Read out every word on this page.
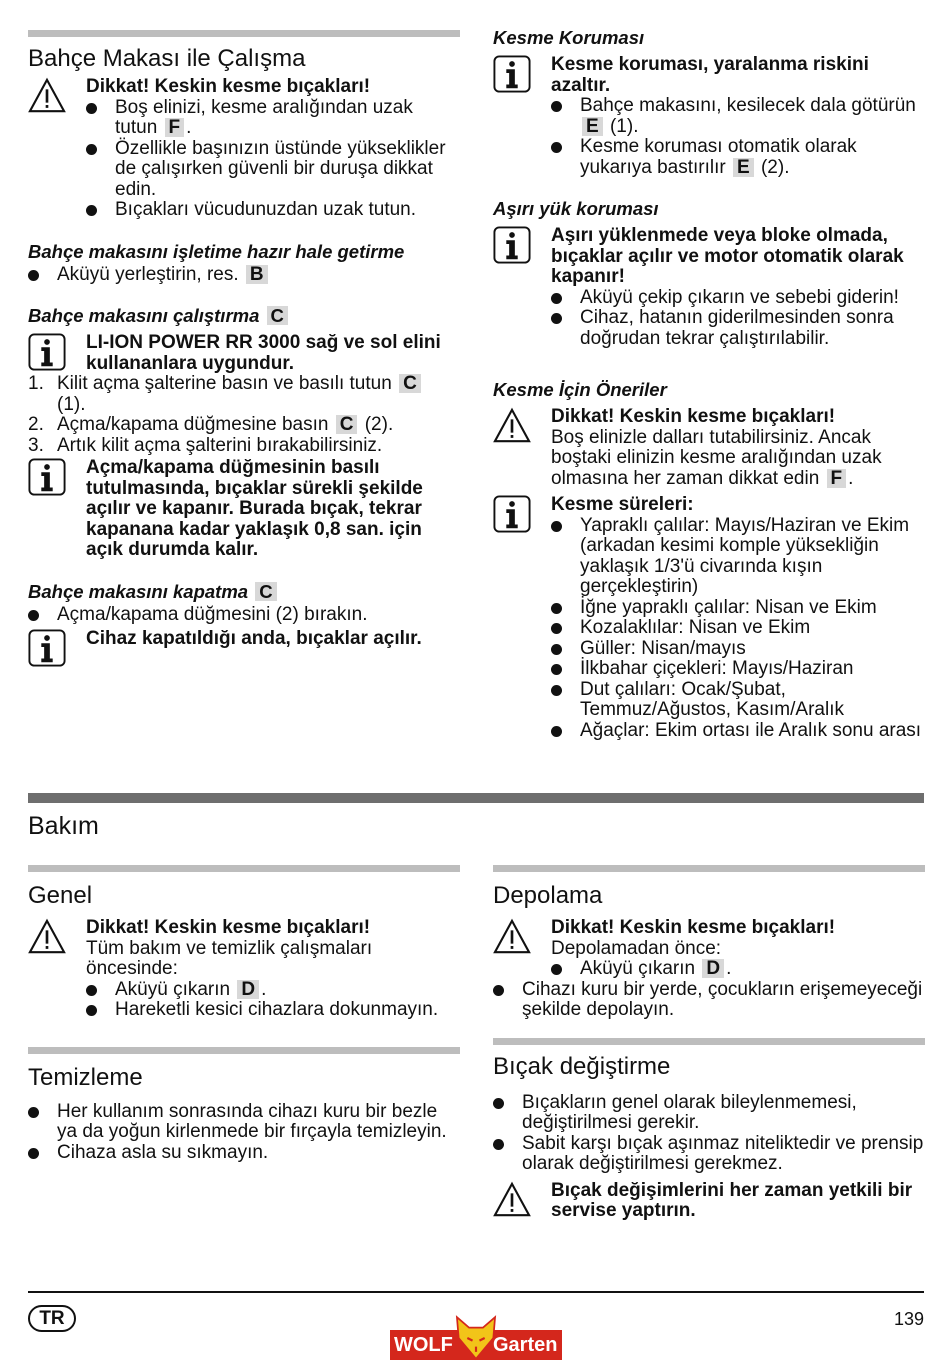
Bahçe Makası ile Çalışma
Dikkat! Keskin kesme bıçakları!
Boş elinizi, kesme aralığından uzak tutun F .
Özellikle başınızın üstünde yükseklikler de çalışırken güvenli bir duruşa dikkat edin.
Bıçakları vücudunuzdan uzak tutun.
Bahçe makasını işletime hazır hale getirme
Aküyü yerleştirin, res. B
Bahçe makasını çalıştırma C
LI-ION POWER RR 3000 sağ ve sol elini kullananlara uygundur.
1. Kilit açma şalterine basın ve basılı tutun C
(1).
2. Açma/kapama düğmesine basın C (2).
3. Artık kilit açma şalterini bırakabilirsiniz.
Açma/kapama düğmesinin basılı tutulmasında, bıçaklar sürekli şekilde açılır ve kapanır. Burada bıçak, tekrar kapanana kadar yaklaşık 0,8 san. için açık durumda kalır.
Bahçe makasını kapatma C
Açma/kapama düğmesini (2) bırakın.
Cihaz kapatıldığı anda, bıçaklar açılır.
Kesme Koruması
Kesme koruması, yaralanma riskini azaltır.
Bahçe makasını, kesilecek dala götürün E (1).
Kesme koruması otomatik olarak yukarıya bastırılır E (2).
Aşırı yük koruması
Aşırı yüklenmede veya bloke olmada, bıçaklar açılır ve motor otomatik olarak kapanır!
Aküyü çekip çıkarın ve sebebi giderin!
Cihaz, hatanın giderilmesinden sonra doğrudan tekrar çalıştırılabilir.
Kesme İçin Öneriler
Dikkat! Keskin kesme bıçakları!
Boş elinizle dalları tutabilirsiniz. Ancak boştaki elinizin kesme aralığından uzak olmasına her zaman dikkat edin F .
Kesme süreleri:
Yapraklı çalılar: Mayıs/Haziran ve Ekim (arkadan kesimi komple yüksekliğin yaklaşık 1/3'ü civarında kışın gerçekleştirin)
İğne yapraklı çalılar: Nisan ve Ekim
Kozalaklılar: Nisan ve Ekim
Güller: Nisan/mayıs
İlkbahar çiçekleri: Mayıs/Haziran
Dut çalıları: Ocak/Şubat, Temmuz/Ağustos, Kasım/Aralık
Ağaçlar: Ekim ortası ile Aralık sonu arası
Bakım
Genel
Dikkat! Keskin kesme bıçakları!
Tüm bakım ve temizlik çalışmaları öncesinde:
Aküyü çıkarın D .
Hareketli kesici cihazlara dokunmayın.
Temizleme
Her kullanım sonrasında cihazı kuru bir bezle ya da yoğun kirlenmede bir fırçayla temizleyin.
Cihaza asla su sıkmayın.
Depolama
Dikkat! Keskin kesme bıçakları!
Depolamadan önce:
Aküyü çıkarın D .
Cihazı kuru bir yerde, çocukların erişemeyeceği şekilde depolayın.
Bıçak değiştirme
Bıçakların genel olarak bileylenmemesi, değiştirilmesi gerekir.
Sabit karşı bıçak aşınmaz niteliktedir ve prensip olarak değiştirilmesi gerekmez.
Bıçak değişimlerini her zaman yetkili bir servise yaptırın.
TR	139
WOLF Garten
